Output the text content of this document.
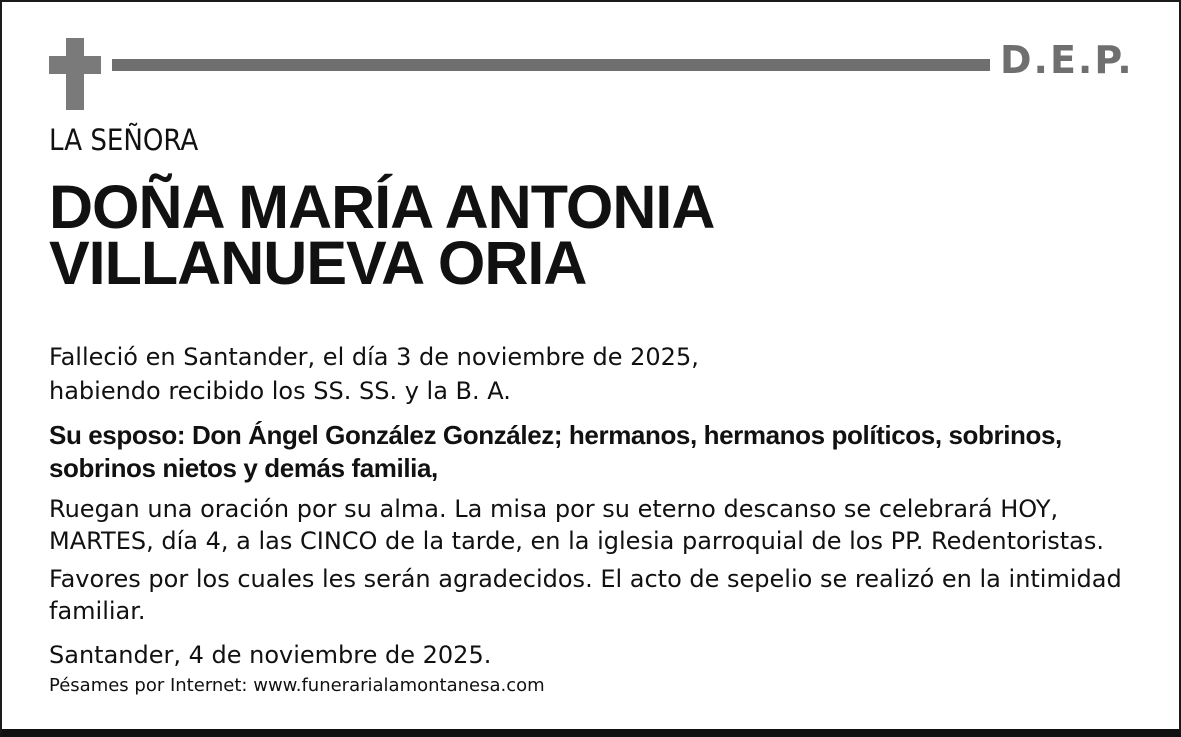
D.E.P.
LA SEÑORA
DOÑA MARÍA ANTONIA
VILLANUEVA ORIA
Falleció en Santander, el día 3 de noviembre de 2025,
habiendo recibido los SS. SS. y la B. A.
Su esposo: Don Ángel González González; hermanos, hermanos políticos, sobrinos,
sobrinos nietos y demás familia,
Ruegan una oración por su alma. La misa por su eterno descanso se celebrará HOY,
MARTES, día 4, a las CINCO de la tarde, en la iglesia parroquial de los PP. Redentoristas.
Favores por los cuales les serán agradecidos. El acto de sepelio se realizó en la intimidad
familiar.
Santander, 4 de noviembre de 2025.
Pésames por Internet: www.funerarialamontanesa.com
